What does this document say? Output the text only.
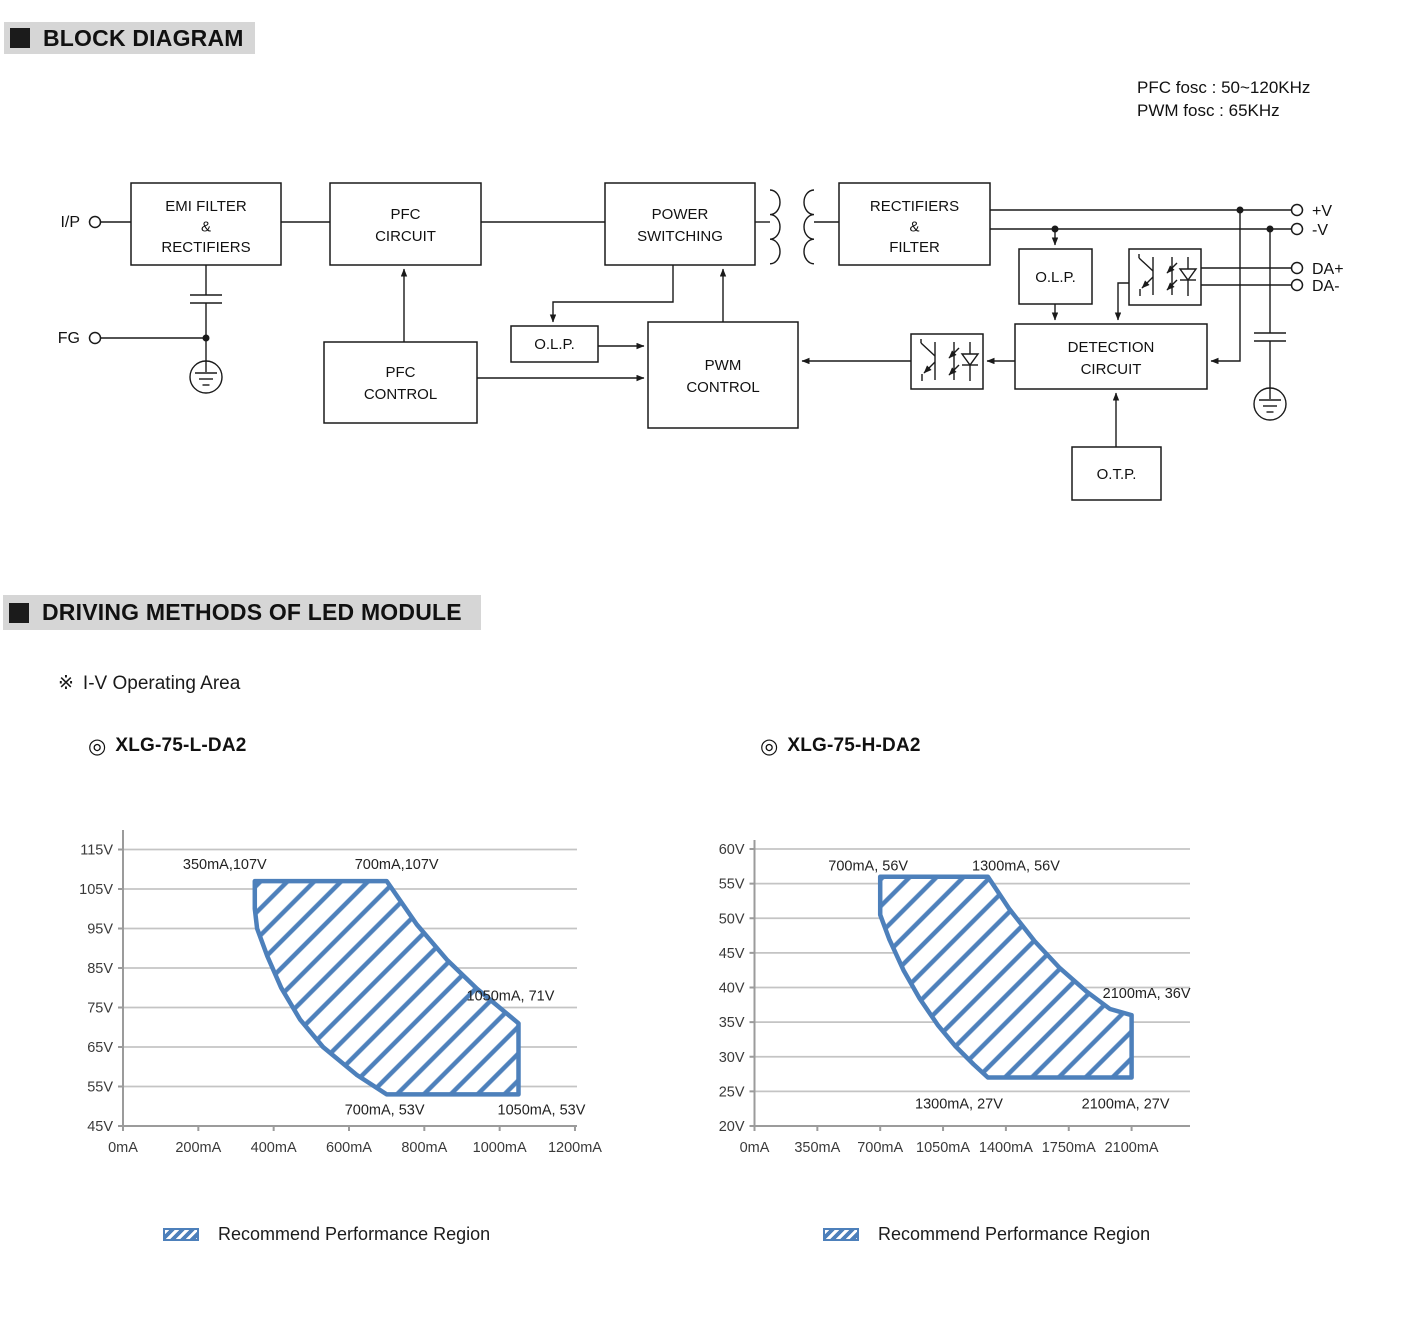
BLOCK DIAGRAM
PFC fosc : 50~120KHz
PWM fosc : 65KHz
EMI FILTER
&
RECTIFIERS
PFC
CIRCUIT
POWER
SWITCHING
RECTIFIERS
&
FILTER
PFC
CONTROL
O.L.P.
PWM
CONTROL
O.L.P.
DETECTION
CIRCUIT
O.T.P.
I/P
FG
+V
-V
DA+
DA-
DRIVING METHODS OF LED MODULE
※ I-V Operating Area
◎ XLG-75-L-DA2	◎ XLG-75-H-DA2
45V
55V
65V
75V
85V
95V
105V
115V
0mA	200mA 400mA 600mA 800mA 1000mA 1200mA
350mA,107V	700mA,107V
1050mA, 71V
1050mA, 53V
700mA, 53V
20V
25V
30V
35V
40V
45V
50V
55V
60V
0mA 350mA 700mA 1050mA 1400mA 1750mA 2100mA
700mA, 56V	1300mA, 56V
2100mA, 36V
2100mA, 27V
1300mA, 27V
Recommend Performance Region	Recommend Performance Region
